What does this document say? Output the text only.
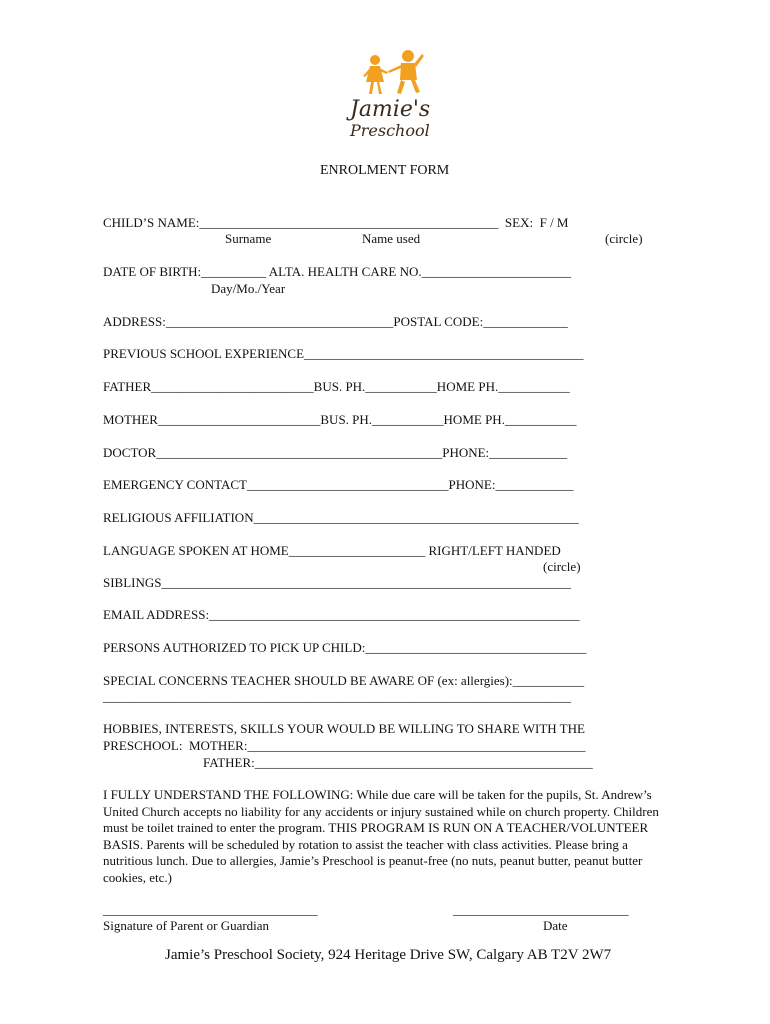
Jamie's
Preschool
ENROLMENT FORM
CHILD’S NAME:______________________________________________  SEX:  F / M
Surname	Name used	(circle)
DATE OF BIRTH:__________ ALTA. HEALTH CARE NO._______________________
Day/Mo./Year
ADDRESS:___________________________________POSTAL CODE:_____________
PREVIOUS SCHOOL EXPERIENCE___________________________________________
FATHER_________________________BUS. PH.___________HOME PH.___________
MOTHER_________________________BUS. PH.___________HOME PH.___________
DOCTOR____________________________________________PHONE:____________
EMERGENCY CONTACT_______________________________PHONE:____________
RELIGIOUS AFFILIATION__________________________________________________
LANGUAGE SPOKEN AT HOME_____________________ RIGHT/LEFT HANDED
(circle)
SIBLINGS_______________________________________________________________
EMAIL ADDRESS:_________________________________________________________
PERSONS AUTHORIZED TO PICK UP CHILD:__________________________________
SPECIAL CONCERNS TEACHER SHOULD BE AWARE OF (ex: allergies):___________
________________________________________________________________________
HOBBIES, INTERESTS, SKILLS YOUR WOULD BE WILLING TO SHARE WITH THE
PRESCHOOL:  MOTHER:____________________________________________________
FATHER:____________________________________________________
I FULLY UNDERSTAND THE FOLLOWING: While due care will be taken for the pupils, St. Andrew’s United Church accepts no liability for any accidents or injury sustained while on church property. Children must be toilet trained to enter the program. THIS PROGRAM IS RUN ON A TEACHER/VOLUNTEER BASIS. Parents will be scheduled by rotation to assist the teacher with class activities. Please bring a nutritious lunch. Due to allergies, Jamie’s Preschool is peanut-free (no nuts, peanut butter, peanut butter cookies, etc.)
_________________________________
Signature of Parent or Guardian
___________________________
Date
Jamie’s Preschool Society, 924 Heritage Drive SW, Calgary AB T2V 2W7
